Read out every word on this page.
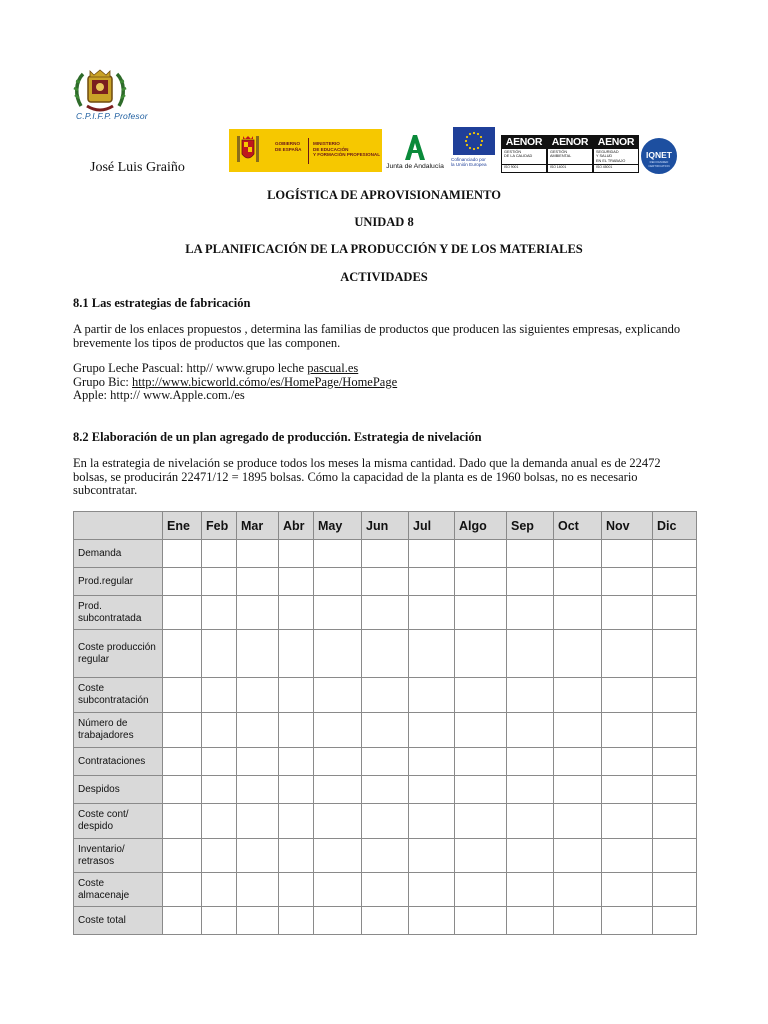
C.P.I.F.P. Profesor
José Luis Graiño
GOBIERNO
DE ESPAÑA
MINISTERIO
DE EDUCACIÓN
Y FORMACIÓN PROFESIONAL
Junta de Andalucía
Cofinanciado por
la Unión Europea
AENOR
GESTIÓN
DE LA CALIDAD
ISO 9001
AENOR
GESTIÓN
AMBIENTAL
ISO 14001
AENOR
SEGURIDAD
Y SALUD
EN EL TRABAJO
ISO 45001
IQNET
RECOGNIZED CERTIFICATION
LOGÍSTICA DE APROVISIONAMIENTO
UNIDAD 8
LA PLANIFICACIÓN DE LA PRODUCCIÓN Y DE LOS MATERIALES
ACTIVIDADES
8.1 Las estrategias de fabricación
A partir de los enlaces propuestos , determina las familias de productos que producen las siguientes empresas, explicando brevemente los tipos de productos que las componen.
Grupo Leche Pascual: http// www.grupo leche pascual.es
Grupo Bic: http://www.bicworld.cómo/es/HomePage/HomePage
Apple: http:// www.Apple.com./es
8.2 Elaboración de un plan agregado de producción. Estrategia de nivelación
En la estrategia de nivelación se produce todos los meses la misma cantidad. Dado que la demanda anual es de 22472 bolsas, se producirán 22471/12 = 1895 bolsas. Cómo la capacidad de la planta es de 1960 bolsas, no es necesario subcontratar.
	Ene	Feb	Mar	Abr	May	Jun	Jul	Algo	Sep	Oct	Nov	Dic
Demanda												
Prod.regular												
Prod. subcontratada												
Coste producción regular												
Coste subcontratación												
Número de trabajadores												
Contrataciones												
Despidos												
Coste cont/ despido												
Inventario/ retrasos												
Coste almacenaje												
Coste total												
